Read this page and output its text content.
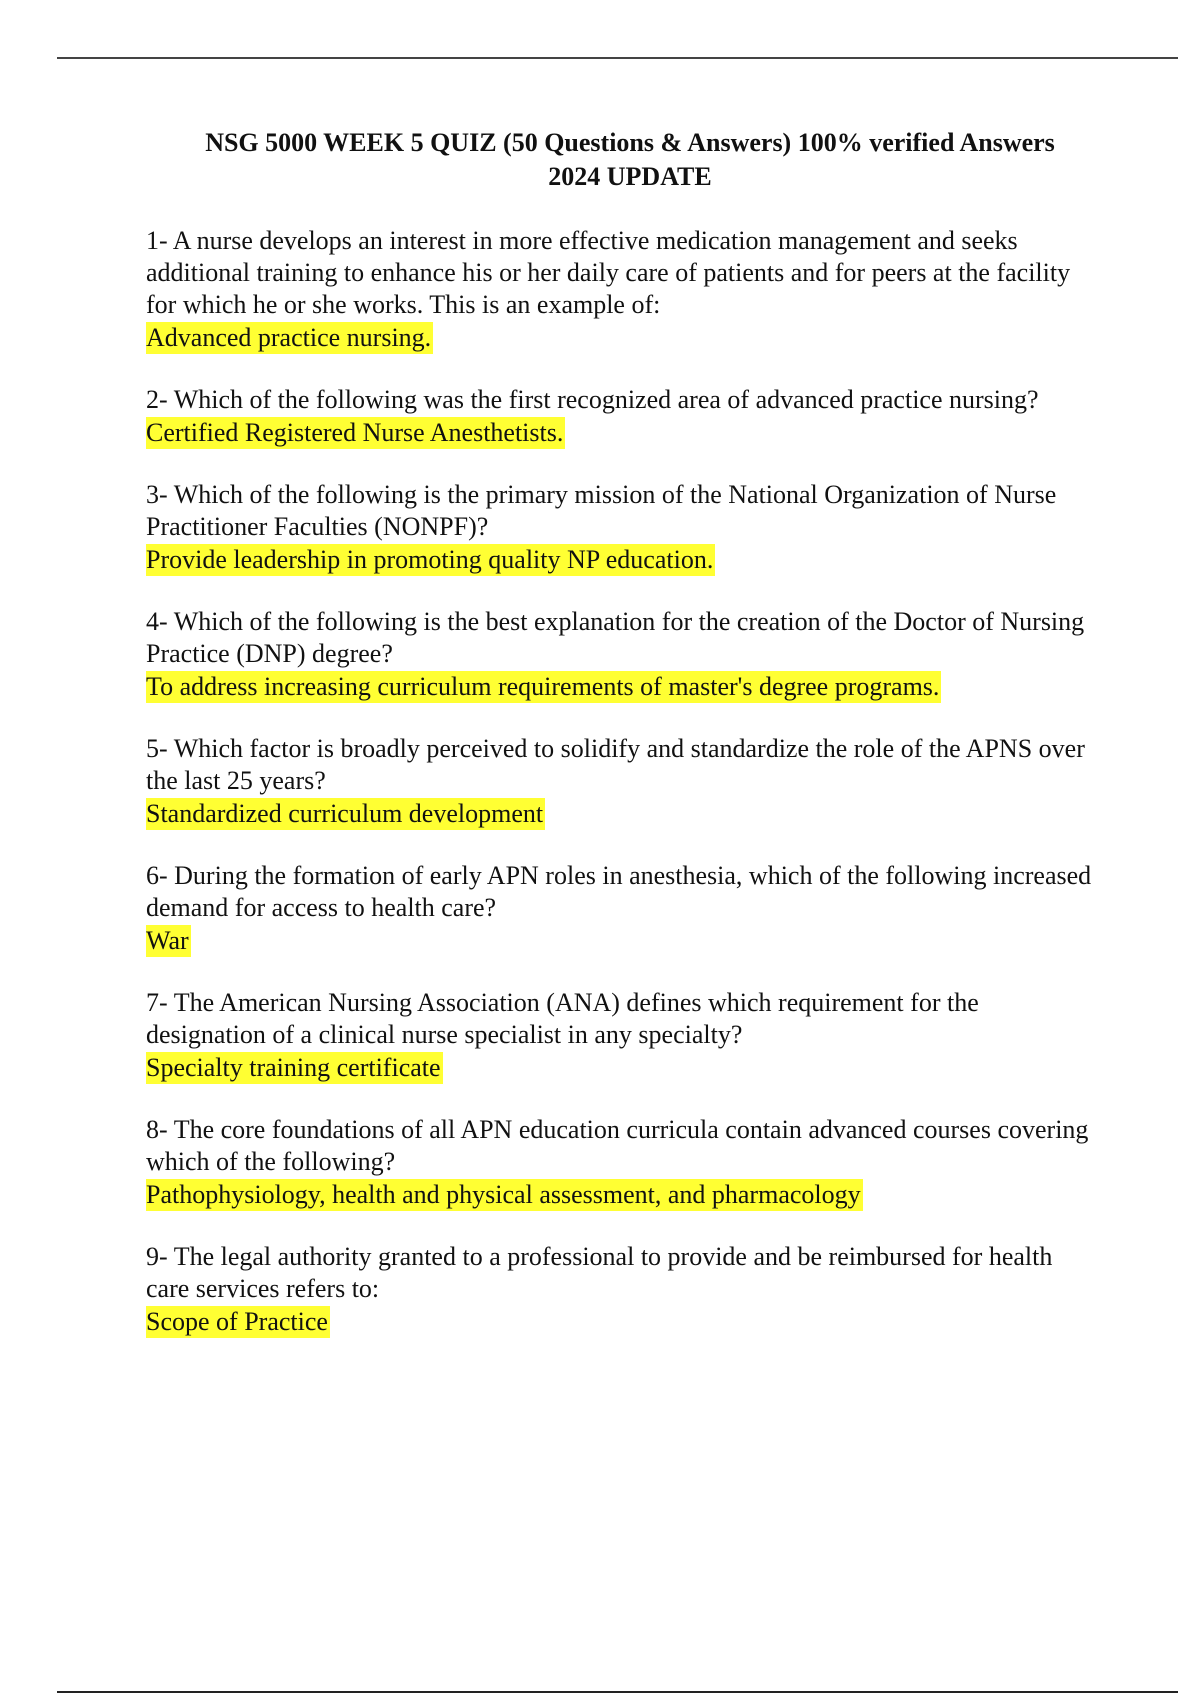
NSG 5000 WEEK 5 QUIZ (50 Questions & Answers) 100% verified Answers
2024 UPDATE

1- A nurse develops an interest in more effective medication management and seeks additional training to enhance his or her daily care of patients and for peers at the facility for which he or she works. This is an example of:

Advanced practice nursing.

2- Which of the following was the first recognized area of advanced practice nursing?

Certified Registered Nurse Anesthetists.

3- Which of the following is the primary mission of the National Organization of Nurse Practitioner Faculties (NONPF)?

Provide leadership in promoting quality NP education.

4- Which of the following is the best explanation for the creation of the Doctor of Nursing Practice (DNP) degree?

To address increasing curriculum requirements of master's degree programs.

5- Which factor is broadly perceived to solidify and standardize the role of the APNS over the last 25 years?

Standardized curriculum development

6- During the formation of early APN roles in anesthesia, which of the following increased demand for access to health care?

War

7- The American Nursing Association (ANA) defines which requirement for the designation of a clinical nurse specialist in any specialty?

Specialty training certificate

8- The core foundations of all APN education curricula contain advanced courses covering which of the following?

Pathophysiology, health and physical assessment, and pharmacology

9- The legal authority granted to a professional to provide and be reimbursed for health care services refers to:

Scope of Practice
